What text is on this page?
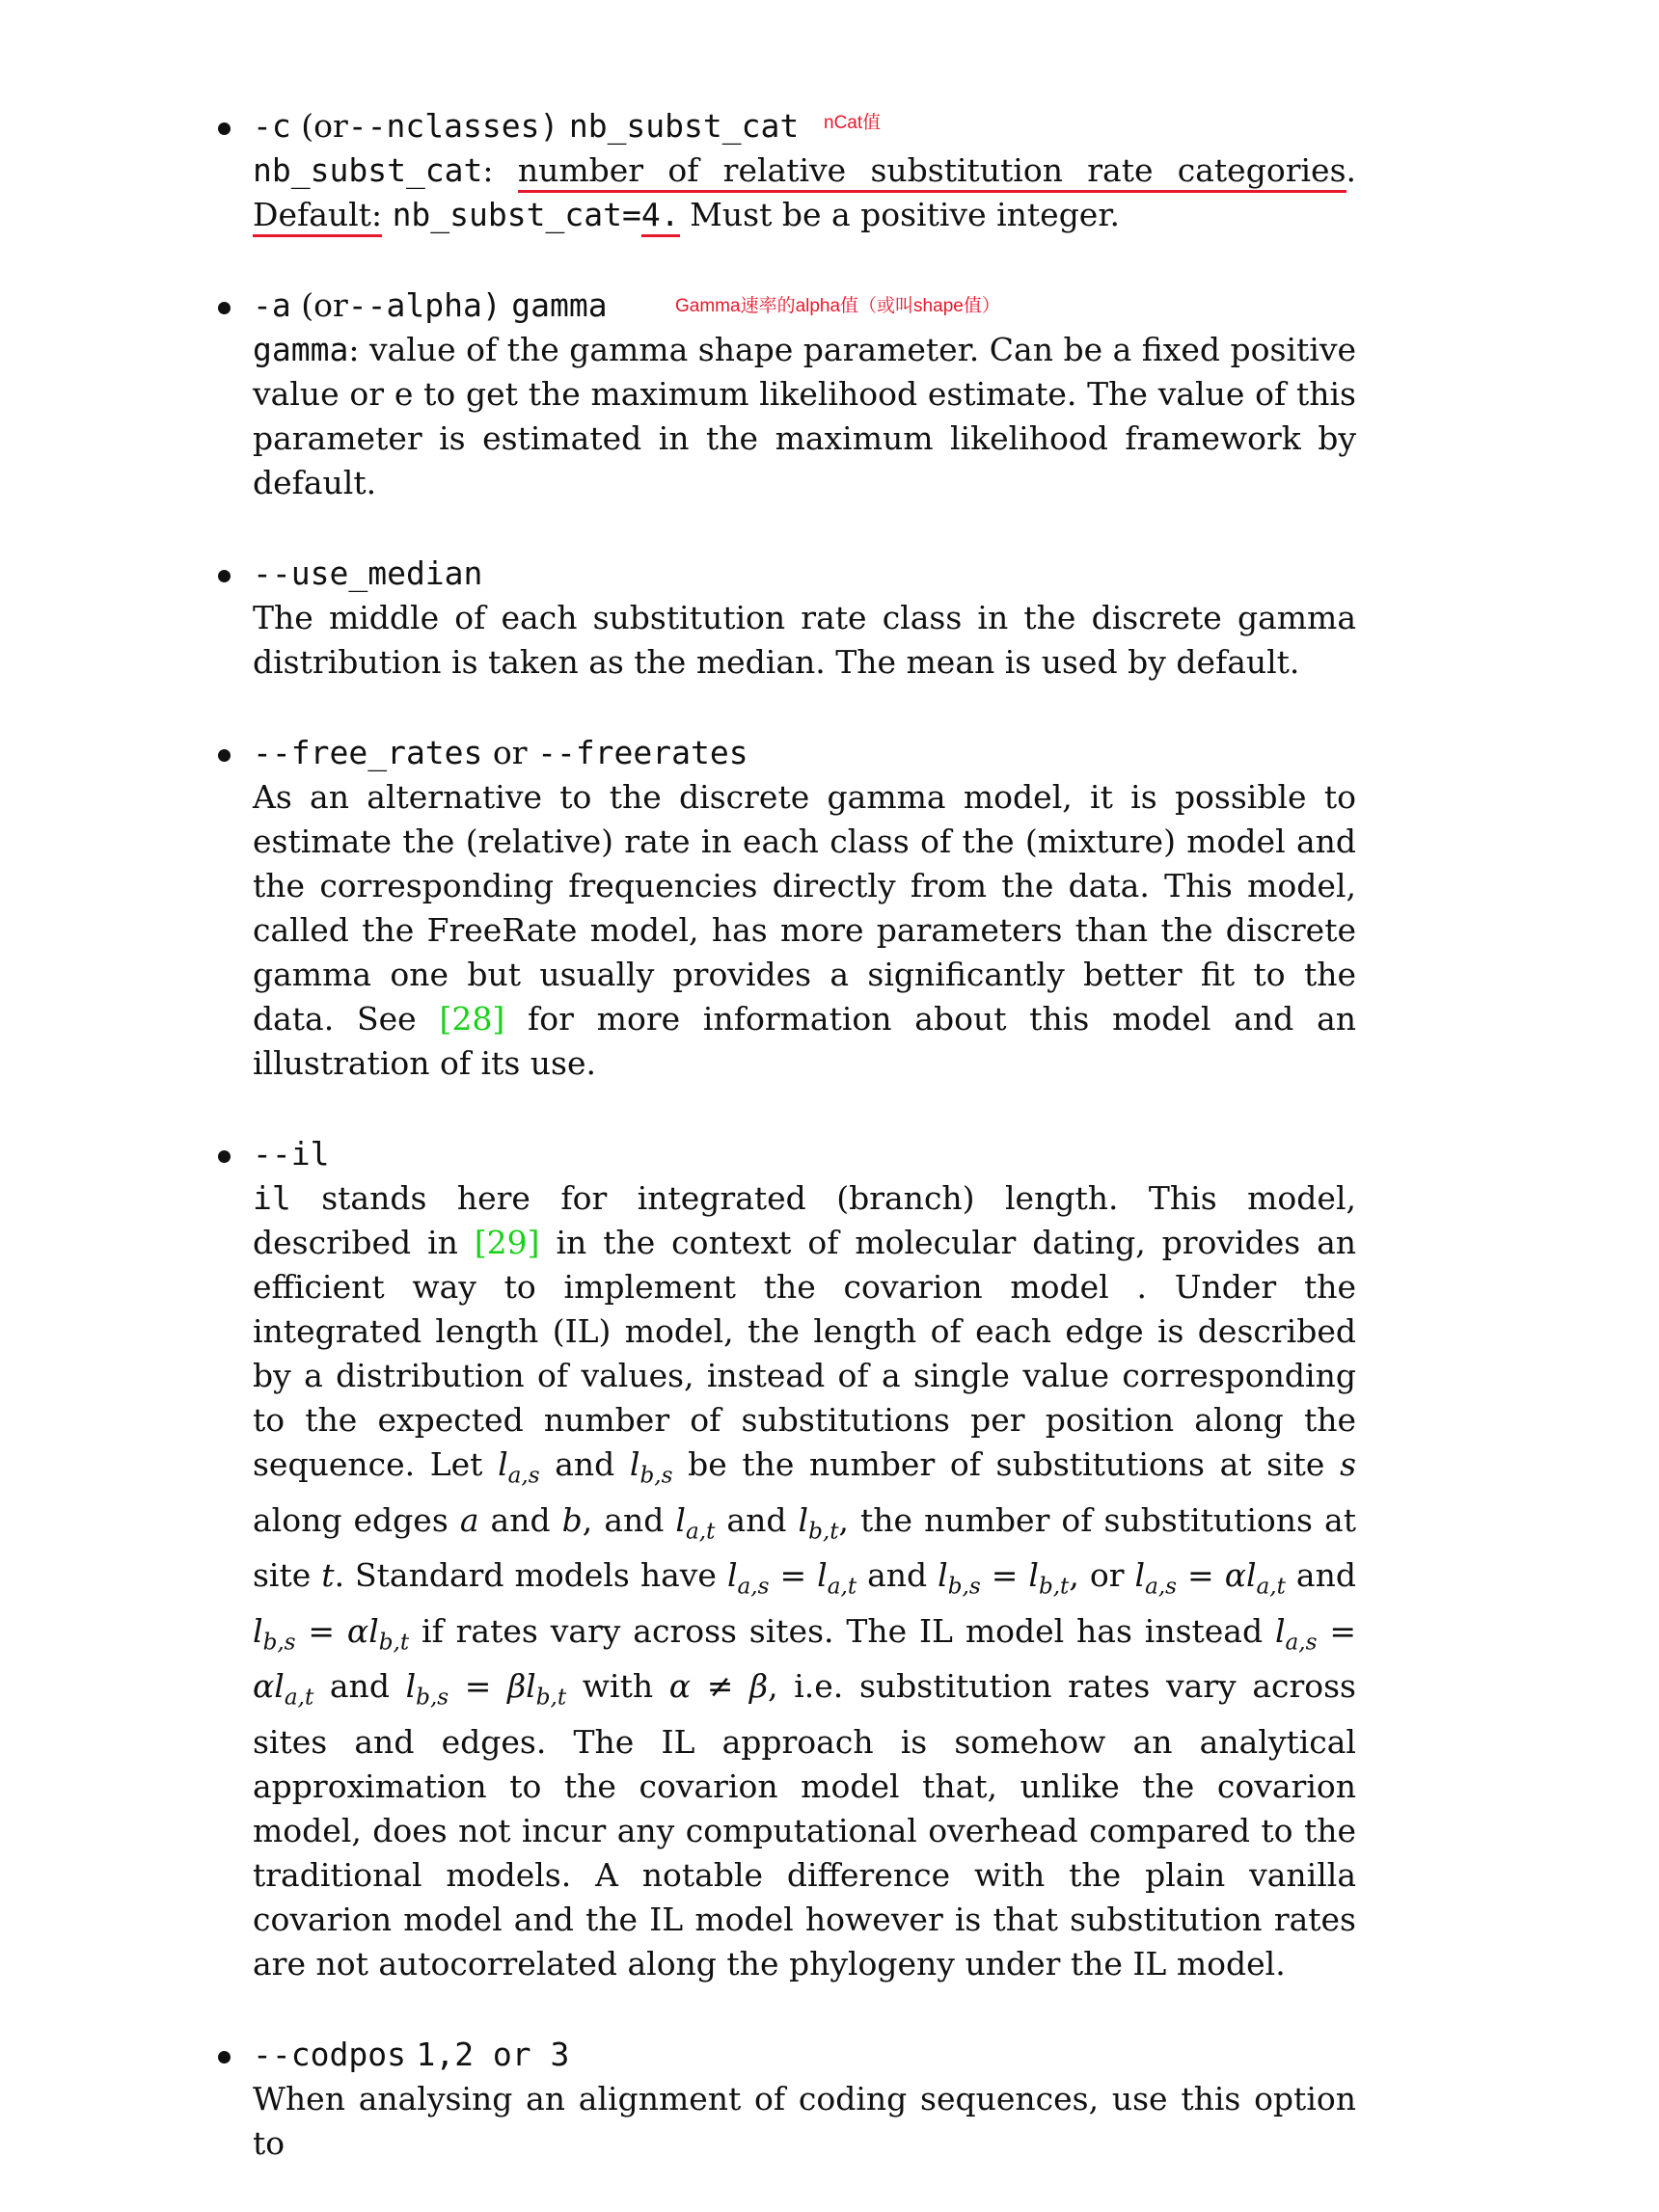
-c (or--nclasses) nb_subst_cat nCat值

nb_subst_cat: number of relative substitution rate categories. Default: nb_subst_cat=4. Must be a positive integer.

-a (or--alpha) gamma	Gamma速率的alpha值（或叫shape值）

gamma: value of the gamma shape parameter. Can be a fixed positive value or e to get the maximum likelihood estimate. The value of this parameter is estimated in the maximum likelihood framework by default.

--use_median

The middle of each substitution rate class in the discrete gamma distribution is taken as the median. The mean is used by default.

--free_rates or --freerates

As an alternative to the discrete gamma model, it is possible to estimate the (relative) rate in each class of the (mixture) model and the corresponding frequencies directly from the data. This model, called the FreeRate model, has more parameters than the discrete gamma one but usually provides a significantly better fit to the data. See [28] for more information about this model and an illustration of its use.

--il

il stands here for integrated (branch) length. This model, described in [29] in the context of molecular dating, provides an efficient way to implement the covarion model . Under the integrated length (IL) model, the length of each edge is described by a distribution of values, instead of a single value corresponding to the expected number of substitutions per position along the sequence. Let $l_{a,s}$ and $l_{b,s}$ be the number of substitutions at site s along edges a and b, and $l_{a,t}$ and $l_{b,t}$, the number of substitutions at site t. Standard models have $l_{a,s} = l_{a,t}$ and $l_{b,s} = l_{b,t}$, or $l_{a,s} = \alpha l_{a,t}$ and $l_{b,s} = \alpha l_{b,t}$ if rates vary across sites. The IL model has instead $l_{a,s} = \alpha l_{a,t}$ and $l_{b,s} = \beta l_{b,t}$ with α ≠ β, i.e. substitution rates vary across sites and edges. The IL approach is somehow an analytical approximation to the covarion model that, unlike the covarion model, does not incur any computational overhead compared to the traditional models. A notable difference with the plain vanilla covarion model and the IL model however is that substitution rates are not autocorrelated along the phylogeny under the IL model.

--codpos 1,2 or 3

When analysing an alignment of coding sequences, use this option to
